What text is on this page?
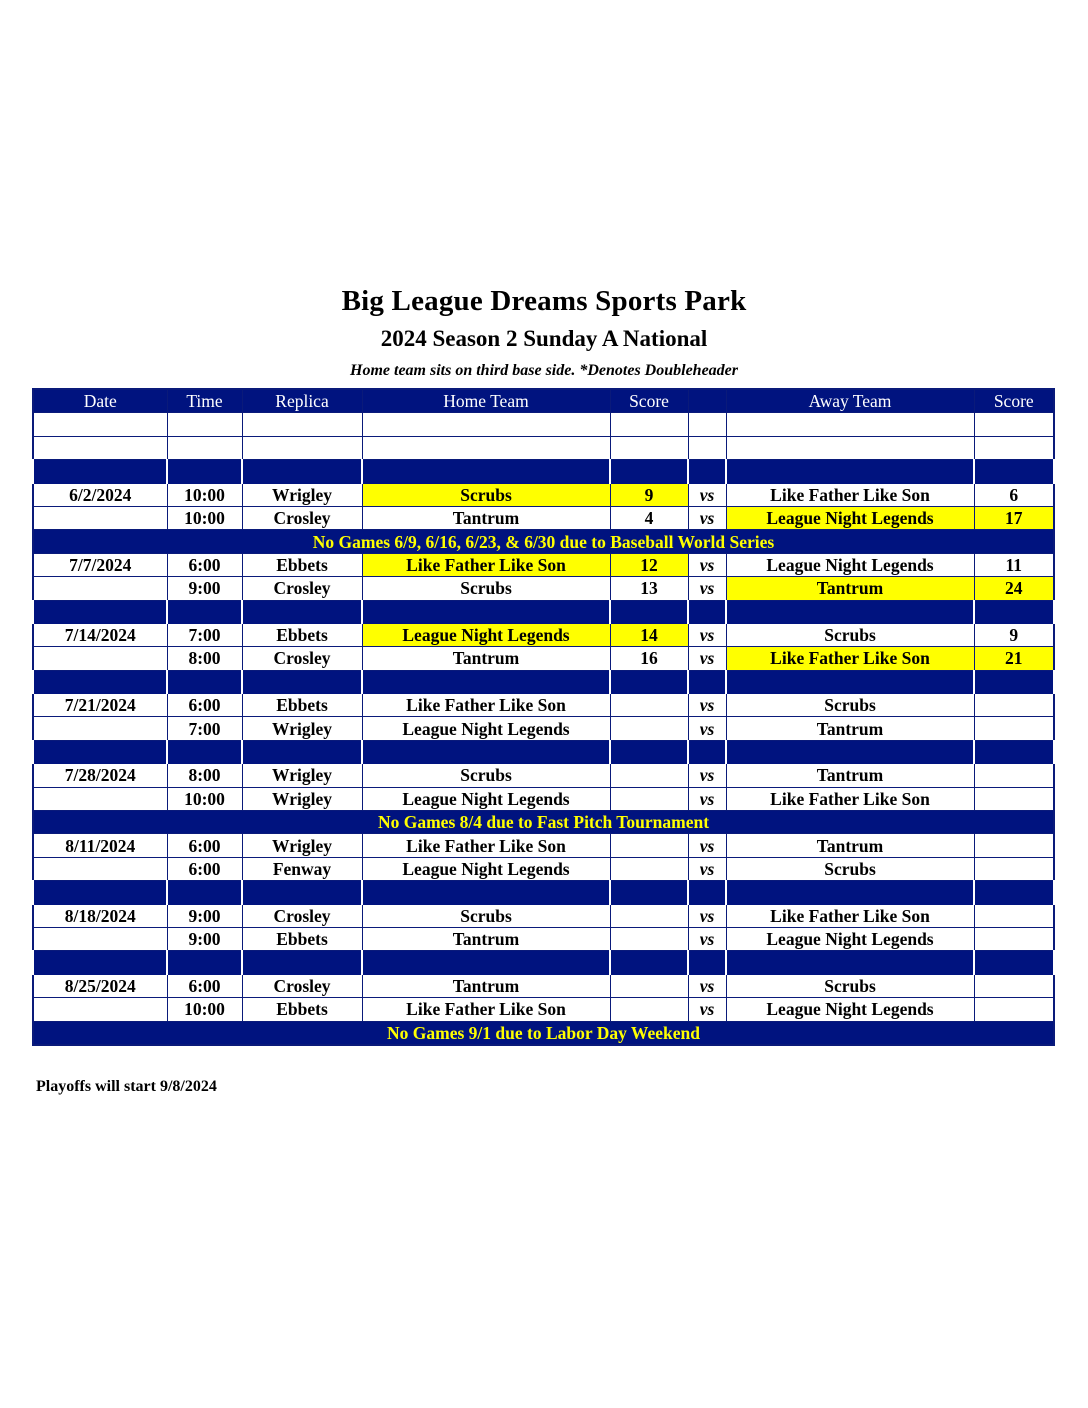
Big League Dreams Sports Park
2024 Season 2 Sunday A National
Home team sits on third base side. *Denotes Doubleheader
Date	Time	Replica	Home Team	Score		Away Team	Score

6/2/2024	10:00	Wrigley	Scrubs	9	vs	Like Father Like Son	6
	10:00	Crosley	Tantrum	4	vs	League Night Legends	17
No Games 6/9, 6/16, 6/23, & 6/30 due to Baseball World Series							
7/7/2024	6:00	Ebbets	Like Father Like Son	12	vs	League Night Legends	11
	9:00	Crosley	Scrubs	13	vs	Tantrum	24

7/14/2024	7:00	Ebbets	League Night Legends	14	vs	Scrubs	9
	8:00	Crosley	Tantrum	16	vs	Like Father Like Son	21

7/21/2024	6:00	Ebbets	Like Father Like Son		vs	Scrubs	
	7:00	Wrigley	League Night Legends		vs	Tantrum	

7/28/2024	8:00	Wrigley	Scrubs		vs	Tantrum	
	10:00	Wrigley	League Night Legends		vs	Like Father Like Son	
No Games 8/4 due to Fast Pitch Tournament							
8/11/2024	6:00	Wrigley	Like Father Like Son		vs	Tantrum	
	6:00	Fenway	League Night Legends		vs	Scrubs	

8/18/2024	9:00	Crosley	Scrubs		vs	Like Father Like Son	
	9:00	Ebbets	Tantrum		vs	League Night Legends	

8/25/2024	6:00	Crosley	Tantrum		vs	Scrubs	
	10:00	Ebbets	Like Father Like Son		vs	League Night Legends	
No Games 9/1 due to Labor Day Weekend							
Playoffs will start 9/8/2024
